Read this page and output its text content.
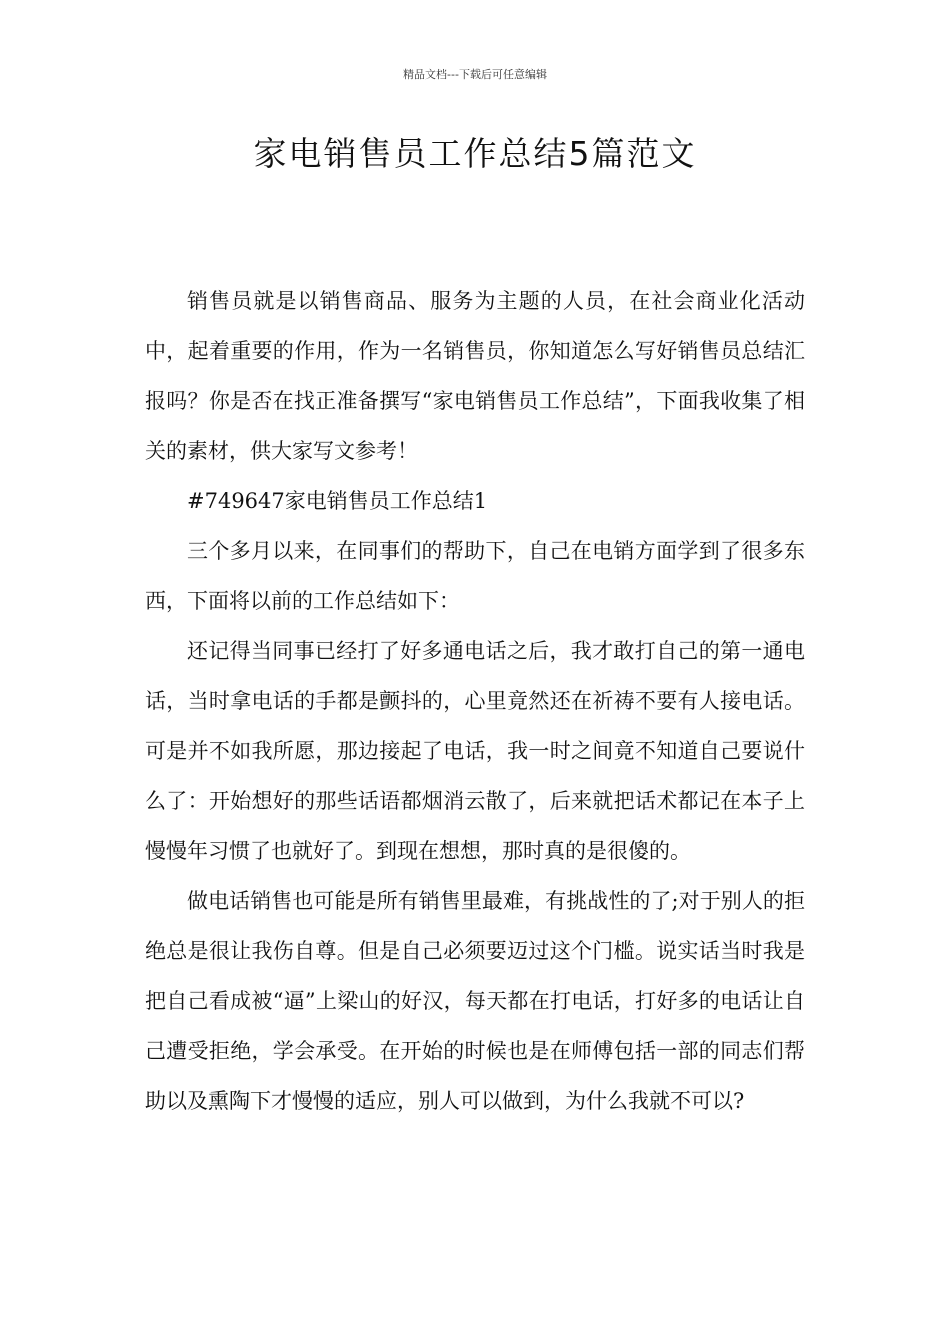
精品文档---下载后可任意编辑
家电销售员工作总结5篇范文

销售员就是以销售商品、服务为主题的人员，在社会商业化活动中，起着重要的作用，作为一名销售员，你知道怎么写好销售员总结汇报吗？你是否在找正准备撰写“家电销售员工作总结”，下面我收集了相关的素材，供大家写文参考！

#749647家电销售员工作总结1

三个多月以来，在同事们的帮助下，自己在电销方面学到了很多东西，下面将以前的工作总结如下：

还记得当同事已经打了好多通电话之后，我才敢打自己的第一通电话，当时拿电话的手都是颤抖的，心里竟然还在祈祷不要有人接电话。可是并不如我所愿，那边接起了电话，我一时之间竟不知道自己要说什么了：开始想好的那些话语都烟消云散了，后来就把话术都记在本子上慢慢年习惯了也就好了。到现在想想，那时真的是很傻的。

做电话销售也可能是所有销售里最难，有挑战性的了;对于别人的拒绝总是很让我伤自尊。但是自己必须要迈过这个门槛。说实话当时我是把自己看成被“逼”上梁山的好汉，每天都在打电话，打好多的电话让自己遭受拒绝，学会承受。在开始的时候也是在师傅包括一部的同志们帮助以及熏陶下才慢慢的适应，别人可以做到，为什么我就不可以?
